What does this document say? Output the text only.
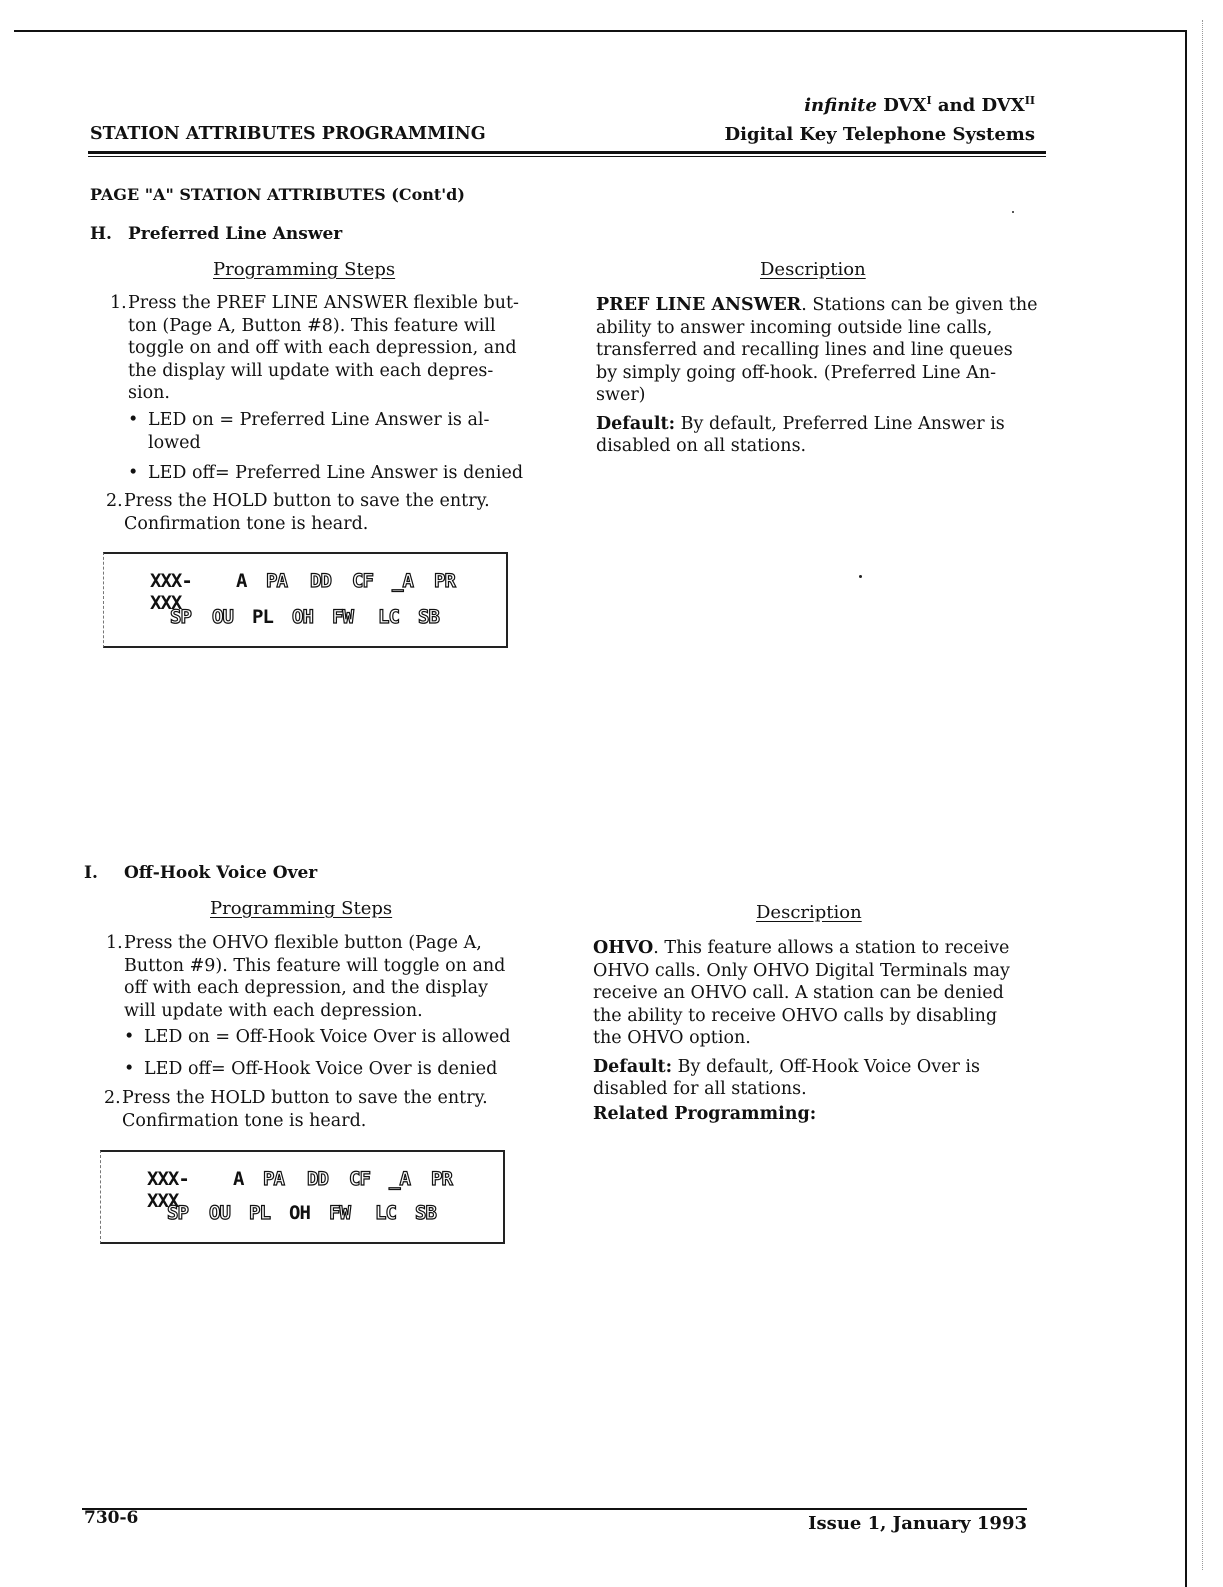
STATION ATTRIBUTES PROGRAMMING
infinite $DVX^I$ and $DVX^{II}$
Digital Key Telephone Systems
PAGE "A" STATION ATTRIBUTES (Cont'd)
H. Preferred Line Answer
Programming Steps	Description
1. Press the PREF LINE ANSWER flexible but-
ton (Page A, Button #8). This feature will
toggle on and off with each depression, and
the display will update with each depres-
sion.
• LED on = Preferred Line Answer is al-
lowed
• LED off= Preferred Line Answer is denied
2. Press the HOLD button to save the entry.
Confirmation tone is heard.
PREF LINE ANSWER. Stations can be given the
ability to answer incoming outside line calls,
transferred and recalling lines and line queues
by simply going off-hook. (Preferred Line An-
swer)
Default: By default, Preferred Line Answer is
disabled on all stations.
XXX-XXX
A PA DD CF _A PR
SP OU PL OH FW LC SB
I. Off-Hook Voice Over
Programming Steps	Description
1. Press the OHVO flexible button (Page A,
Button #9). This feature will toggle on and
off with each depression, and the display
will update with each depression.
• LED on = Off-Hook Voice Over is allowed
• LED off= Off-Hook Voice Over is denied
2. Press the HOLD button to save the entry.
Confirmation tone is heard.
OHVO. This feature allows a station to receive
OHVO calls. Only OHVO Digital Terminals may
receive an OHVO call. A station can be denied
the ability to receive OHVO calls by disabling
the OHVO option.
Default: By default, Off-Hook Voice Over is
disabled for all stations.
Related Programming:
XXX-XXX
A PA DD CF _A PR
SP OU PL OH FW LC SB
730-6	Issue 1, January 1993
